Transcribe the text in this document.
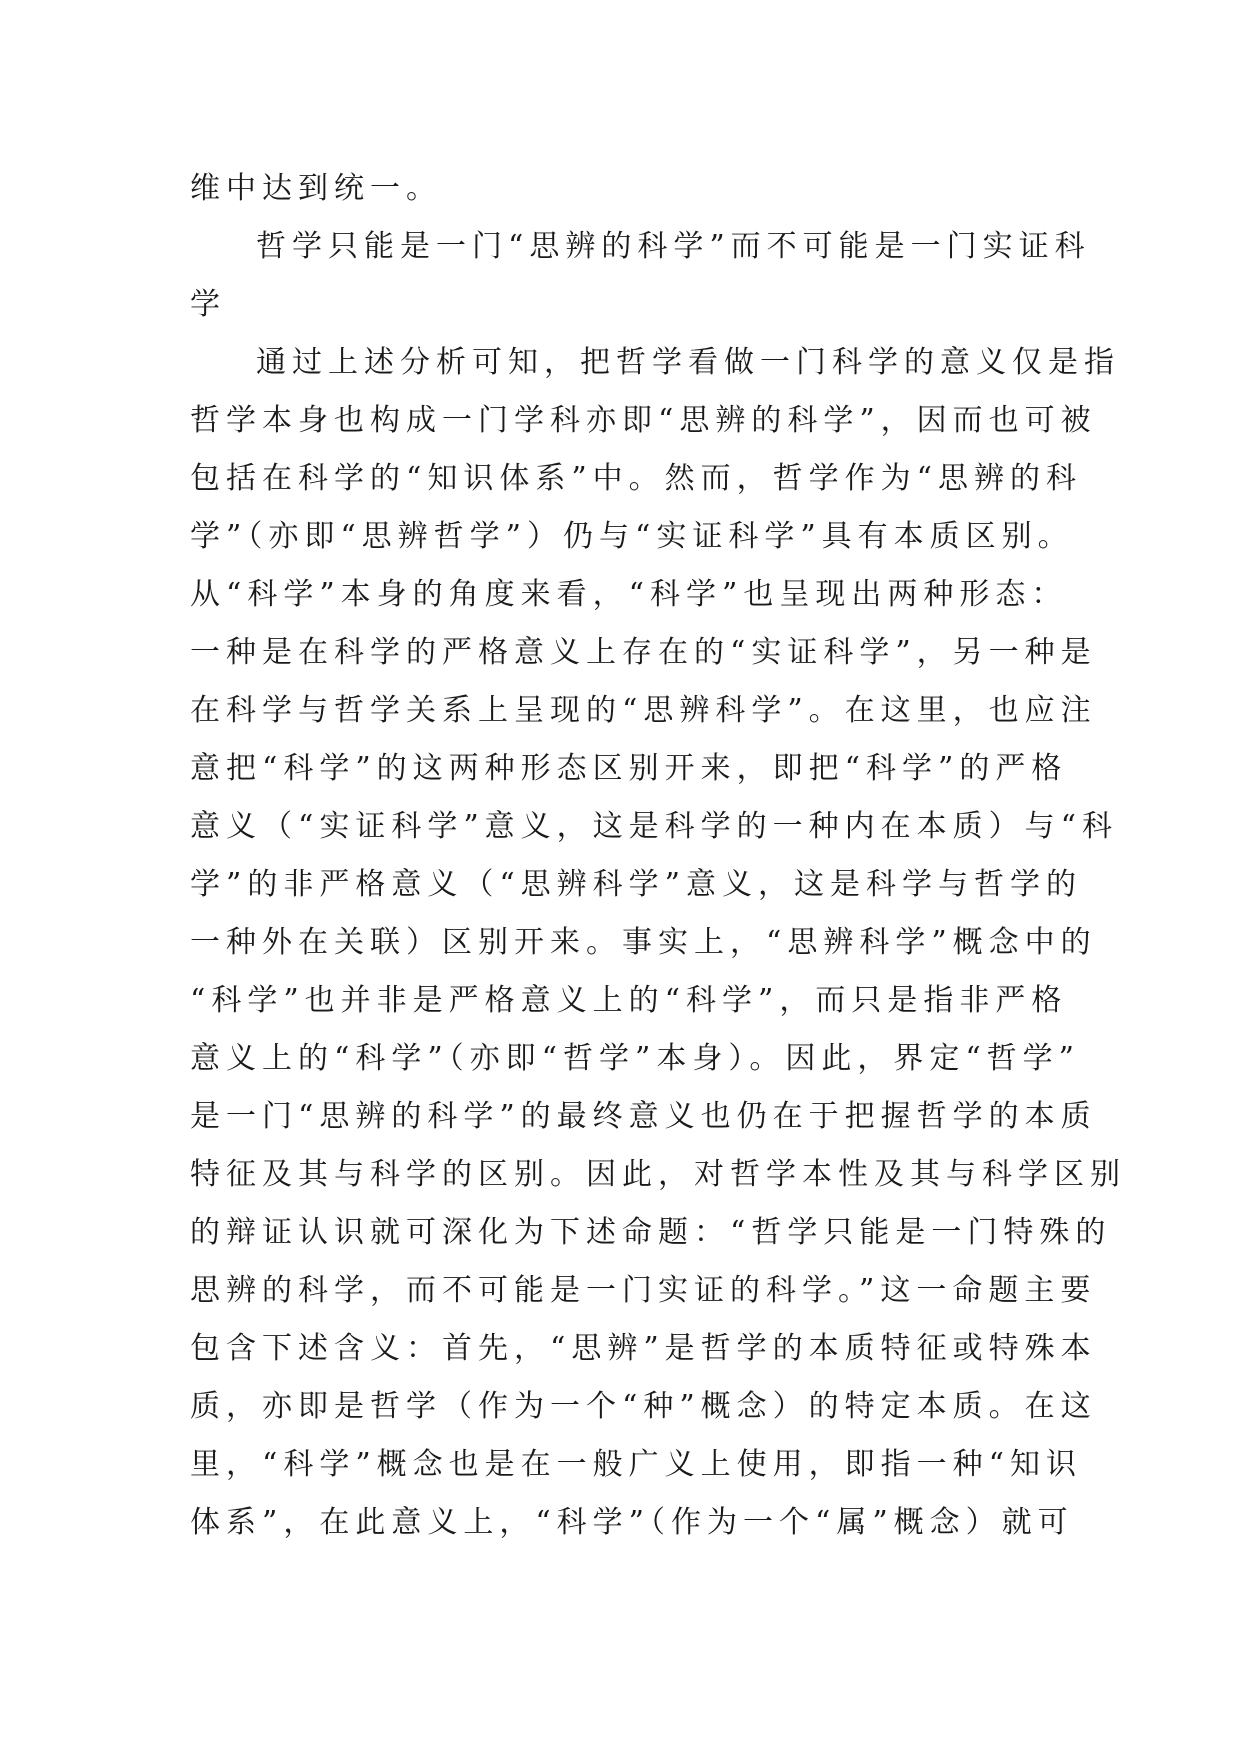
维中达到统一。
哲学只能是一门“思辨的科学”而不可能是一门实证科
学
通过上述分析可知，把哲学看做一门科学的意义仅是指
哲学本身也构成一门学科亦即“思辨的科学”，因而也可被
包括在科学的“知识体系”中。然而，哲学作为“思辨的科
学”（亦即“思辨哲学”）仍与“实证科学”具有本质区别。
从“科学”本身的角度来看，“科学”也呈现出两种形态：
一种是在科学的严格意义上存在的“实证科学”，另一种是
在科学与哲学关系上呈现的“思辨科学”。在这里，也应注
意把“科学”的这两种形态区别开来，即把“科学”的严格
意义（“实证科学”意义，这是科学的一种内在本质）与“科
学”的非严格意义（“思辨科学”意义，这是科学与哲学的
一种外在关联）区别开来。事实上，“思辨科学”概念中的
“科学”也并非是严格意义上的“科学”，而只是指非严格
意义上的“科学”（亦即“哲学”本身）。因此，界定“哲学”
是一门“思辨的科学”的最终意义也仍在于把握哲学的本质
特征及其与科学的区别。因此，对哲学本性及其与科学区别
的辩证认识就可深化为下述命题：“哲学只能是一门特殊的
思辨的科学，而不可能是一门实证的科学。”这一命题主要
包含下述含义：首先，“思辨”是哲学的本质特征或特殊本
质，亦即是哲学（作为一个“种”概念）的特定本质。在这
里，“科学”概念也是在一般广义上使用，即指一种“知识
体系”，在此意义上，“科学”（作为一个“属”概念）就可
